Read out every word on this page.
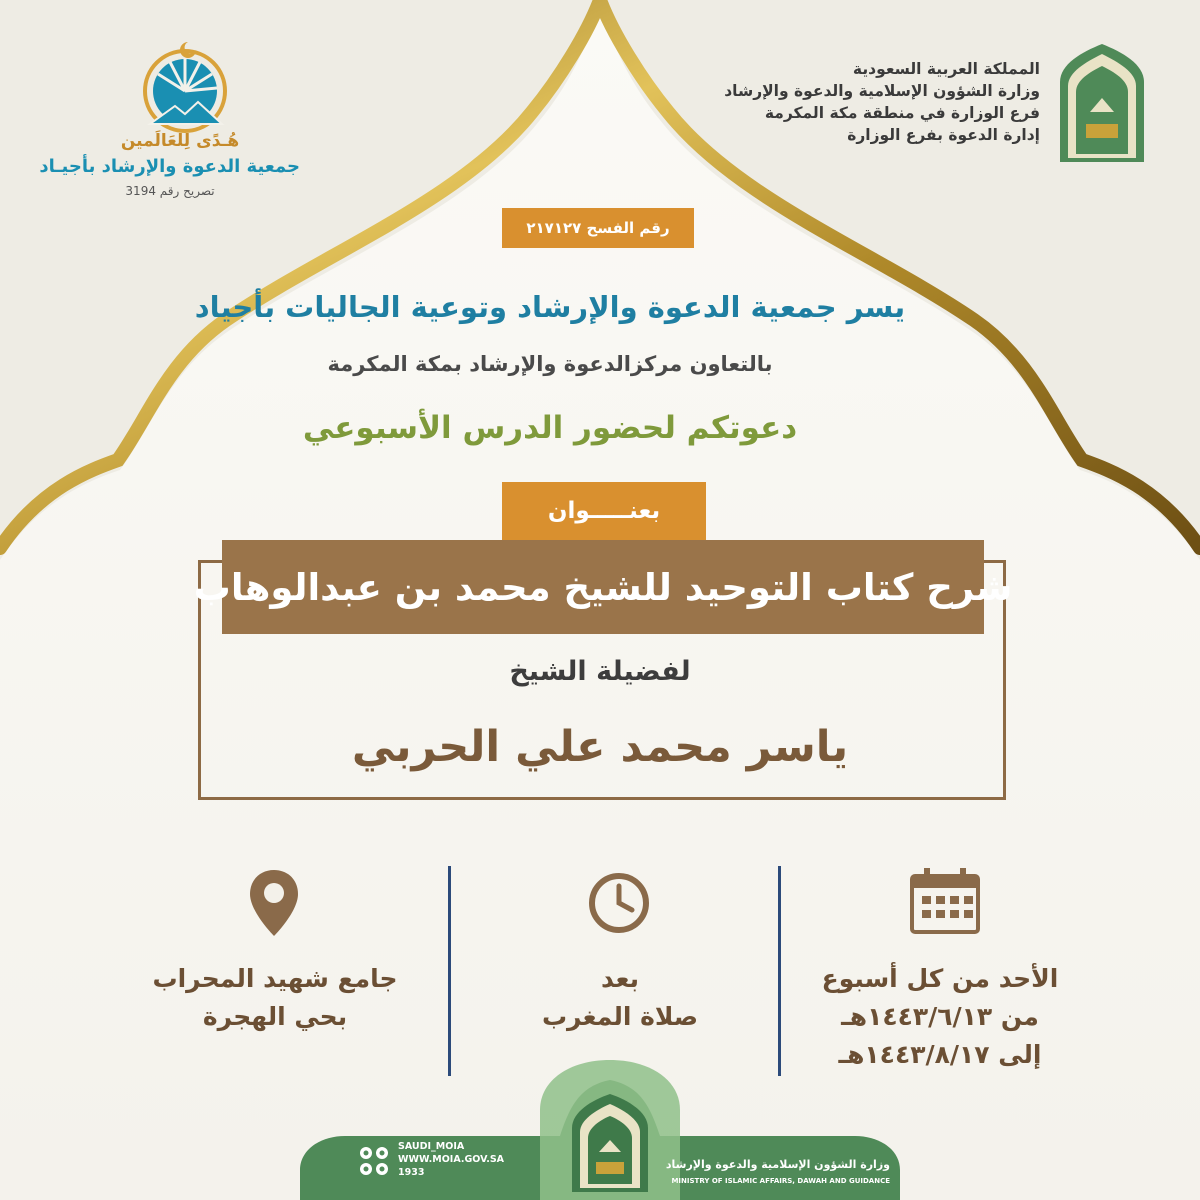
المملكة العربية السعودية
وزارة الشؤون الإسلامية والدعوة والإرشاد
فرع الوزارة في منطقة مكة المكرمة
إدارة الدعوة بفرع الوزارة
هُـدًى لِلعَالَمين
جمعية الدعوة والإرشاد بأجيـاد
تصريح رقم 3194
رقم الفسح ٢١٧١٢٧
يسر جمعية الدعوة والإرشاد وتوعية الجاليات بأجياد
بالتعاون مركزالدعوة والإرشاد بمكة المكرمة
دعوتكم لحضور الدرس الأسبوعي
شرح كتاب التوحيد للشيخ محمد بن عبدالوهاب
بعنـــــوان
لفضيلة الشيخ
ياسر محمد علي الحربي
الأحد من كل أسبوع
من ١٤٤٣/٦/١٣هـ
إلى ١٤٤٣/٨/١٧هـ
بعد
صلاة المغرب
جامع شهيد المحراب
بحي الهجرة
SAUDI_MOIA
WWW.MOIA.GOV.SA
1933
وزارة الشؤون الإسلامية والدعوة والإرشاد
MINISTRY OF ISLAMIC AFFAIRS, DAWAH AND GUIDANCE
